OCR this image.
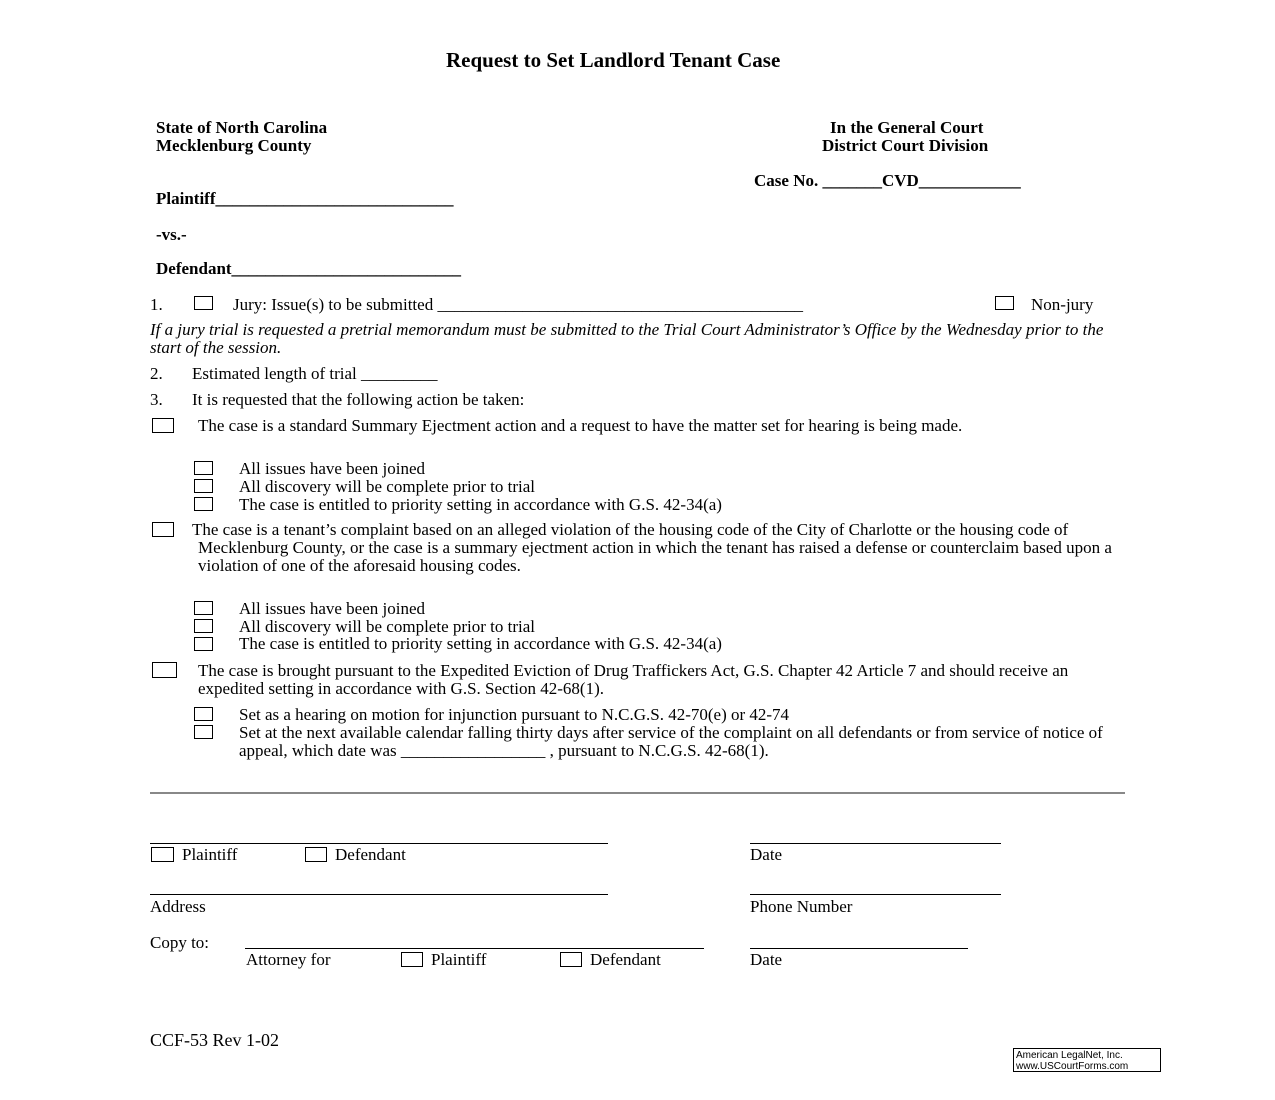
Request to Set Landlord Tenant Case
State of North Carolina
Mecklenburg County
In the General Court
District Court Division
Case No. _______CVD____________
Plaintiff____________________________
-vs.-
Defendant___________________________
1.	Jury: Issue(s) to be submitted ___________________________________________	Non-jury
If a jury trial is requested a pretrial memorandum must be submitted to the Trial Court Administrator’s Office by the Wednesday prior to the start of the session.
2. Estimated length of trial _________
3. It is requested that the following action be taken:
The case is a standard Summary Ejectment action and a request to have the matter set for hearing is being made.
All issues have been joined
All discovery will be complete prior to trial
The case is entitled to priority setting in accordance with G.S. 42-34(a)
The case is a tenant’s complaint based on an alleged violation of the housing code of the City of Charlotte or the housing code of Mecklenburg County, or the case is a summary ejectment action in which the tenant has raised a defense or counterclaim based upon a violation of one of the aforesaid housing codes.
All issues have been joined
All discovery will be complete prior to trial
The case is entitled to priority setting in accordance with G.S. 42-34(a)
The case is brought pursuant to the Expedited Eviction of Drug Traffickers Act, G.S. Chapter 42 Article 7 and should receive an expedited setting in accordance with G.S. Section 42-68(1).
Set as a hearing on motion for injunction pursuant to N.C.G.S. 42-70(e) or 42-74
Set at the next available calendar falling thirty days after service of the complaint on all defendants or from service of notice of appeal, which date was _________________ , pursuant to N.C.G.S. 42-68(1).
Plaintiff	Defendant	Date
Address	Phone Number
Copy to:
Attorney for	Plaintiff	Defendant	Date
CCF-53 Rev 1-02
American LegalNet, Inc.
www.USCourtForms.com
